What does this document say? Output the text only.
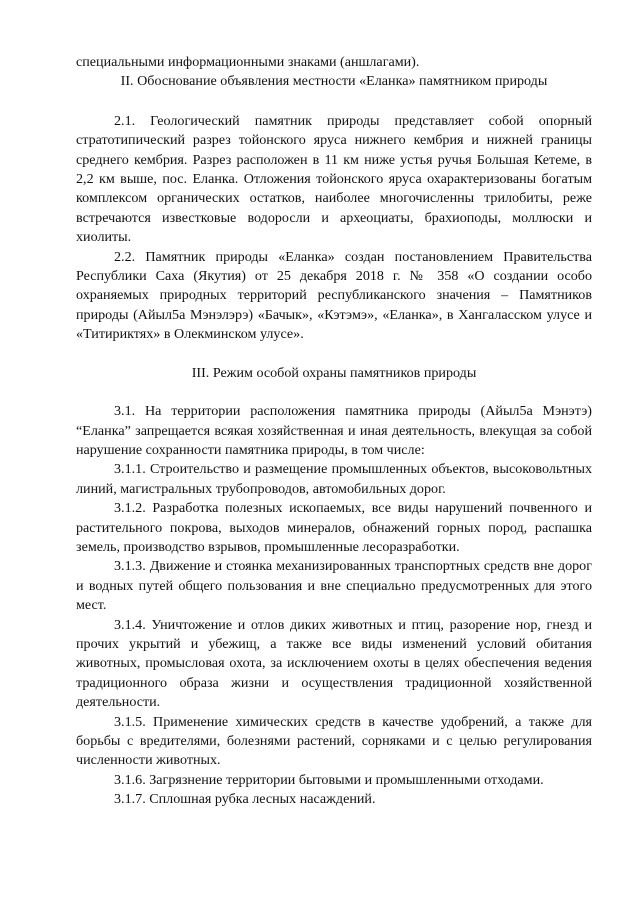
специальными информационными знаками (аншлагами).

II. Обоснование объявления местности «Еланка» памятником природы

2.1. Геологический памятник природы представляет собой опорный стратотипический разрез тойонского яруса нижнего кембрия и нижней границы среднего кембрия. Разрез расположен в 11 км ниже устья ручья Большая Кетеме, в 2,2 км выше, пос. Еланка. Отложения тойонского яруса охарактеризованы богатым комплексом органических остатков, наиболее многочисленны трилобиты, реже встречаются известковые водоросли и археоциаты, брахиоподы, моллюски и хиолиты.

2.2. Памятник природы «Еланка» создан постановлением Правительства Республики Саха (Якутия) от 25 декабря 2018 г. № 358 «О создании особо охраняемых природных территорий республиканского значения – Памятников природы (Айыл5а Мэнэлэрэ) «Бачык», «Кэтэмэ», «Еланка», в Хангаласском улусе и «Титириктях» в Олекминском улусе».

III. Режим особой охраны памятников природы

3.1. На территории расположения памятника природы (Айыл5а Мэнэтэ) “Еланка” запрещается всякая хозяйственная и иная деятельность, влекущая за собой нарушение сохранности памятника природы, в том числе:

3.1.1. Строительство и размещение промышленных объектов, высоковольтных линий, магистральных трубопроводов, автомобильных дорог.

3.1.2. Разработка полезных ископаемых, все виды нарушений почвенного и растительного покрова, выходов минералов, обнажений горных пород, распашка земель, производство взрывов, промышленные лесоразработки.

3.1.3. Движение и стоянка механизированных транспортных средств вне дорог и водных путей общего пользования и вне специально предусмотренных для этого мест.

3.1.4. Уничтожение и отлов диких животных и птиц, разорение нор, гнезд и прочих укрытий и убежищ, а также все виды изменений условий обитания животных, промысловая охота, за исключением охоты в целях обеспечения ведения традиционного образа жизни и осуществления традиционной хозяйственной деятельности.

3.1.5. Применение химических средств в качестве удобрений, а также для борьбы с вредителями, болезнями растений, сорняками и с целью регулирования численности животных.

3.1.6. Загрязнение территории бытовыми и промышленными отходами.

3.1.7. Сплошная рубка лесных насаждений.
